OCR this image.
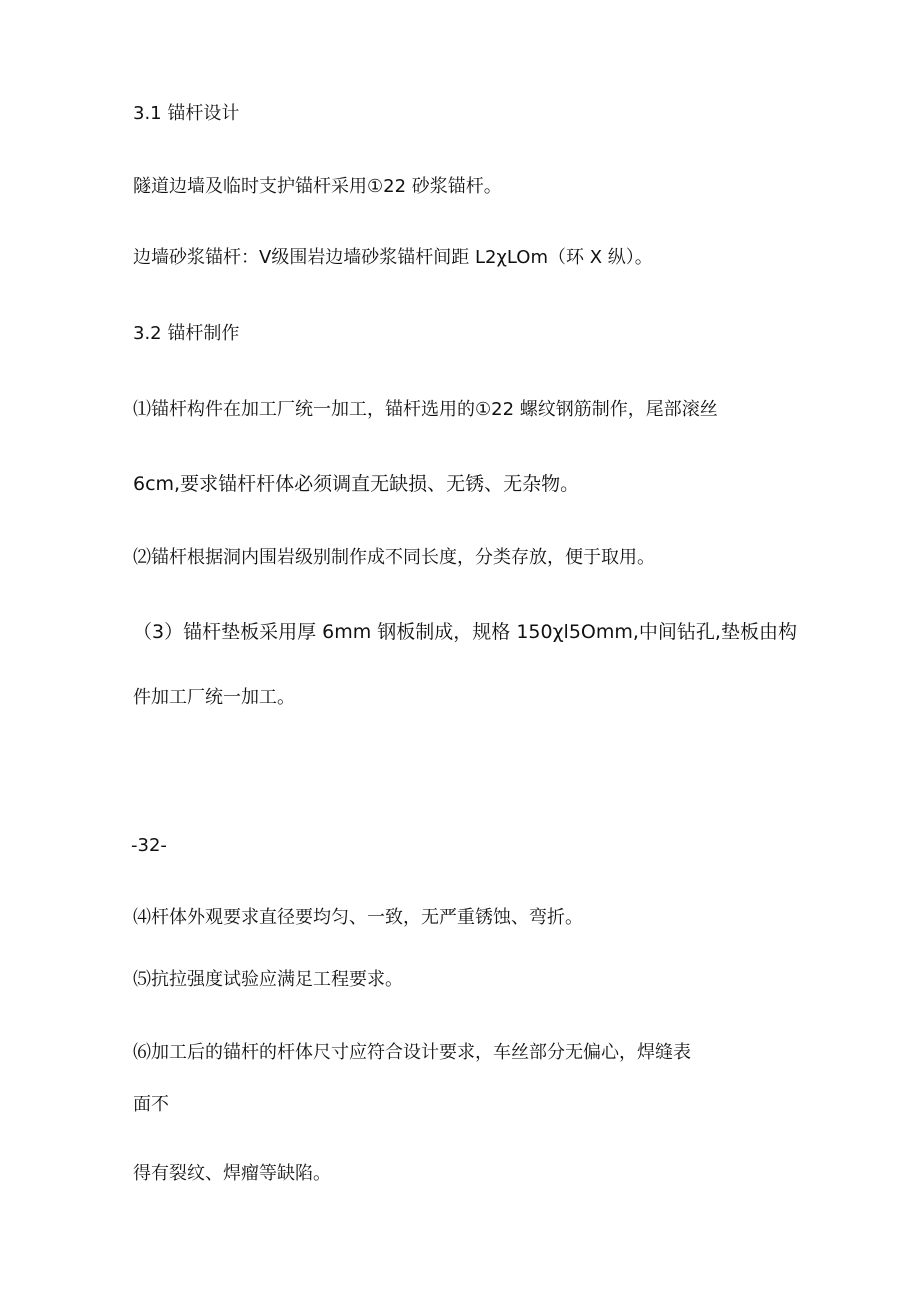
3.1 锚杆设计
隧道边墙及临时支护锚杆采用①22 砂浆锚杆。
边墙砂浆锚杆：Ⅴ级围岩边墙砂浆锚杆间距 L2χLOm（环 X 纵）。
3.2 锚杆制作
⑴锚杆构件在加工厂统一加工，锚杆选用的①22 螺纹钢筋制作，尾部滚丝
6cm,要求锚杆杆体必须调直无缺损、无锈、无杂物。
⑵锚杆根据洞内围岩级别制作成不同长度，分类存放，便于取用。
（3）锚杆垫板采用厚 6mm 钢板制成，规格 150χl5Omm,中间钻孔,垫板由构
件加工厂统一加工。
-32-
⑷杆体外观要求直径要均匀、一致，无严重锈蚀、弯折。
⑸抗拉强度试验应满足工程要求。
⑹加工后的锚杆的杆体尺寸应符合设计要求，车丝部分无偏心，焊缝表
面不
得有裂纹、焊瘤等缺陷。
